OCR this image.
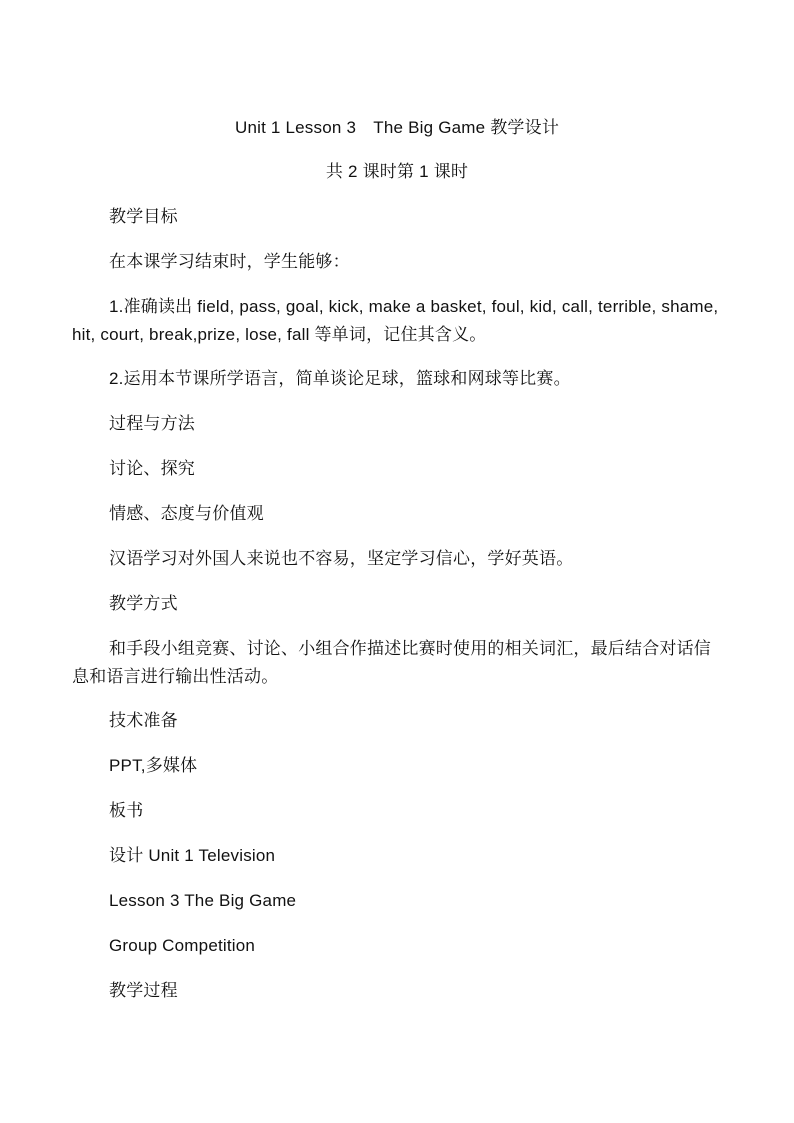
Unit 1 Lesson 3　The Big Game 教学设计

共 2 课时第 1 课时

教学目标

在本课学习结束时，学生能够：

1.准确读出 field, pass, goal, kick, make a basket, foul, kid, call, terrible, shame, hit, court, break,prize, lose, fall 等单词，记住其含义。

2.运用本节课所学语言，简单谈论足球，篮球和网球等比赛。

过程与方法

讨论、探究

情感、态度与价值观

汉语学习对外国人来说也不容易，坚定学习信心，学好英语。

教学方式

和手段小组竞赛、讨论、小组合作描述比赛时使用的相关词汇，最后结合对话信息和语言进行输出性活动。

技术准备

PPT,多媒体

板书

设计 Unit 1 Television

Lesson 3 The Big Game

Group Competition

教学过程
